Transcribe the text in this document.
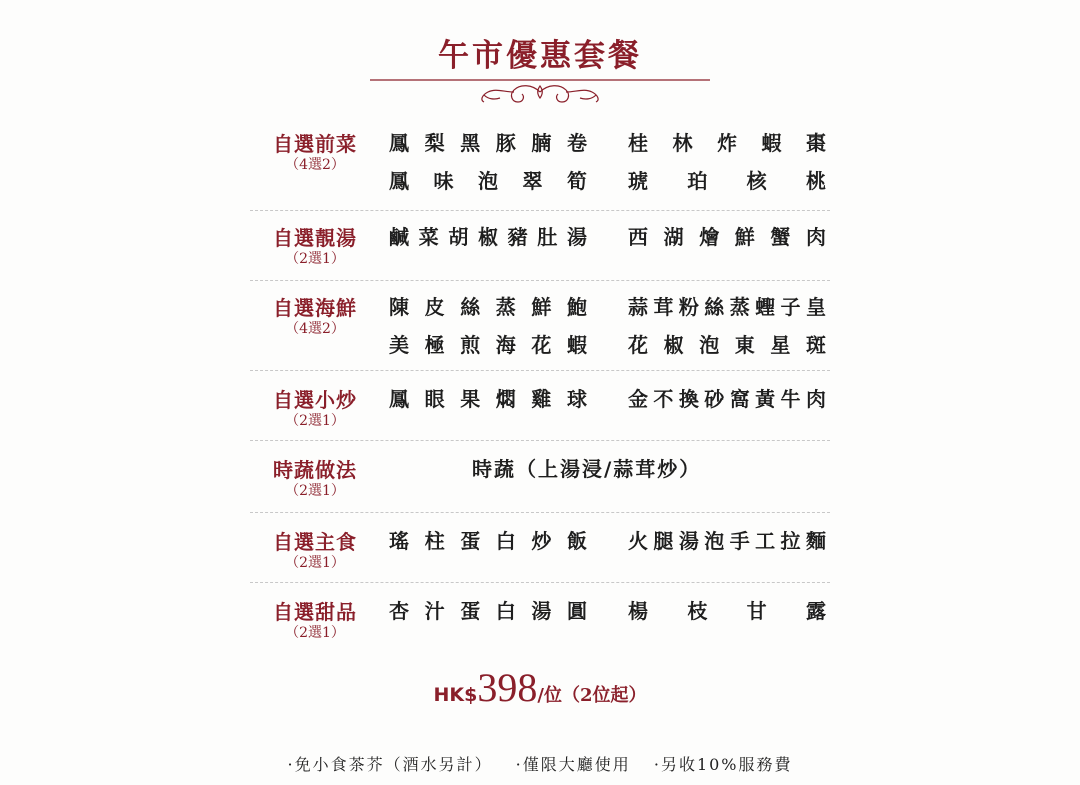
午市優惠套餐
自選前菜
（4選2）
鳳 梨 黑 豚 腩 卷 桂 林 炸 蝦 棗
鳳 味 泡 翠 筍 琥 珀 核 桃
自選靚湯
（2選1）
鹹 菜 胡 椒 豬 肚 湯 西 湖 燴 鮮 蟹 肉
自選海鮮
（4選2）
陳 皮 絲 蒸 鮮 鮑 蒜 茸 粉 絲 蒸 蟶 子 皇
美 極 煎 海 花 蝦 花 椒 泡 東 星 斑
自選小炒
（2選1）
鳳 眼 果 燜 雞 球 金 不 換 砂 窩 黃 牛 肉
時蔬做法
（2選1）
時蔬（上湯浸/蒜茸炒）
自選主食
（2選1）
瑤 柱 蛋 白 炒 飯 火 腿 湯 泡 手 工 拉 麵
自選甜品
（2選1）
杏 汁 蛋 白 湯 圓 楊 枝 甘 露
HK$398/位（2位起）
·免小食茶芥（酒水另計） ·僅限大廳使用 ·另收10%服務費
